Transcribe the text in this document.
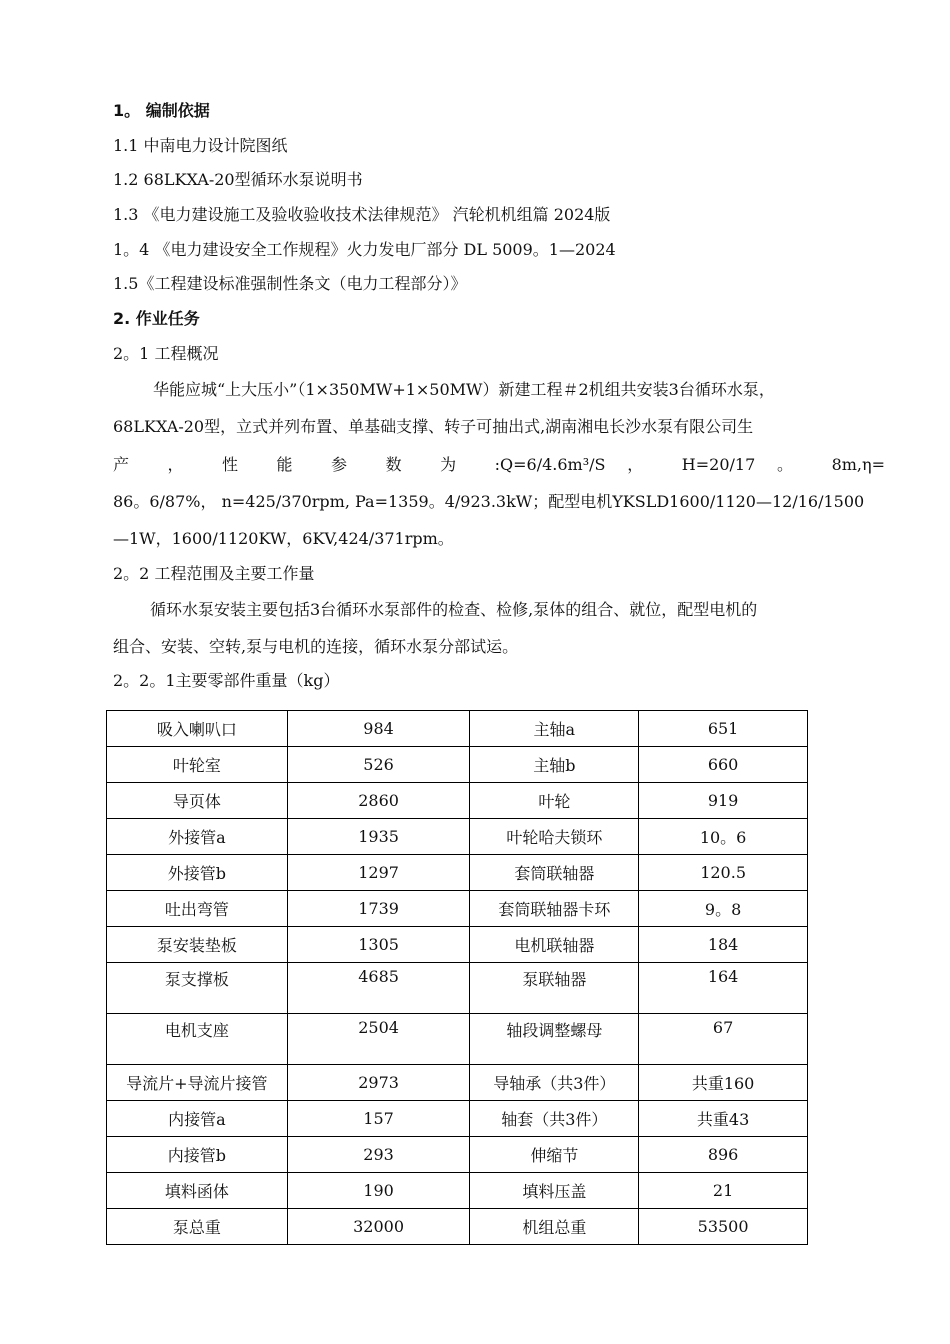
1。 编制依据
1.1 中南电力设计院图纸
1.2 68LKXA-20型循环水泵说明书
1.3 《电力建设施工及验收验收技术法律规范》 汽轮机机组篇 2024版
1。4 《电力建设安全工作规程》火力发电厂部分 DL 5009。1—2024
1.5《工程建设标准强制性条文（电力工程部分）》
2. 作业任务
2。1 工程概况
华能应城“上大压小”（1×350MW+1×50MW）新建工程＃2机组共安装3台循环水泵，
68LKXA-20型，立式并列布置、单基础支撑、转子可抽出式,湖南湘电长沙水泵有限公司生
产 ， 性 能 参 数 为 :Q=6/4.6m³/S ， H=20/17 。 8m,η=
86。6/87%， n=425/370rpm, Pa=1359。4/923.3kW；配型电机YKSLD1600/1120—12/16/1500
—1W，1600/1120KW，6KV,424/371rpm。
2。2 工程范围及主要工作量
循环水泵安装主要包括3台循环水泵部件的检查、检修,泵体的组合、就位，配型电机的
组合、安装、空转,泵与电机的连接，循环水泵分部试运。
2。2。1主要零部件重量（kg）
吸入喇叭口	984	主轴a	651
叶轮室	526	主轴b	660
导页体	2860	叶轮	919
外接管a	1935	叶轮哈夫锁环	10。6
外接管b	1297	套筒联轴器	120.5
吐出弯管	1739	套筒联轴器卡环	9。8
泵安装垫板	1305	电机联轴器	184
泵支撑板	4685	泵联轴器	164
电机支座	2504	轴段调整螺母	67
导流片+导流片接管	2973	导轴承（共3件）	共重160
内接管a	157	轴套（共3件）	共重43
内接管b	293	伸缩节	896
填料函体	190	填料压盖	21
泵总重	32000	机组总重	53500
